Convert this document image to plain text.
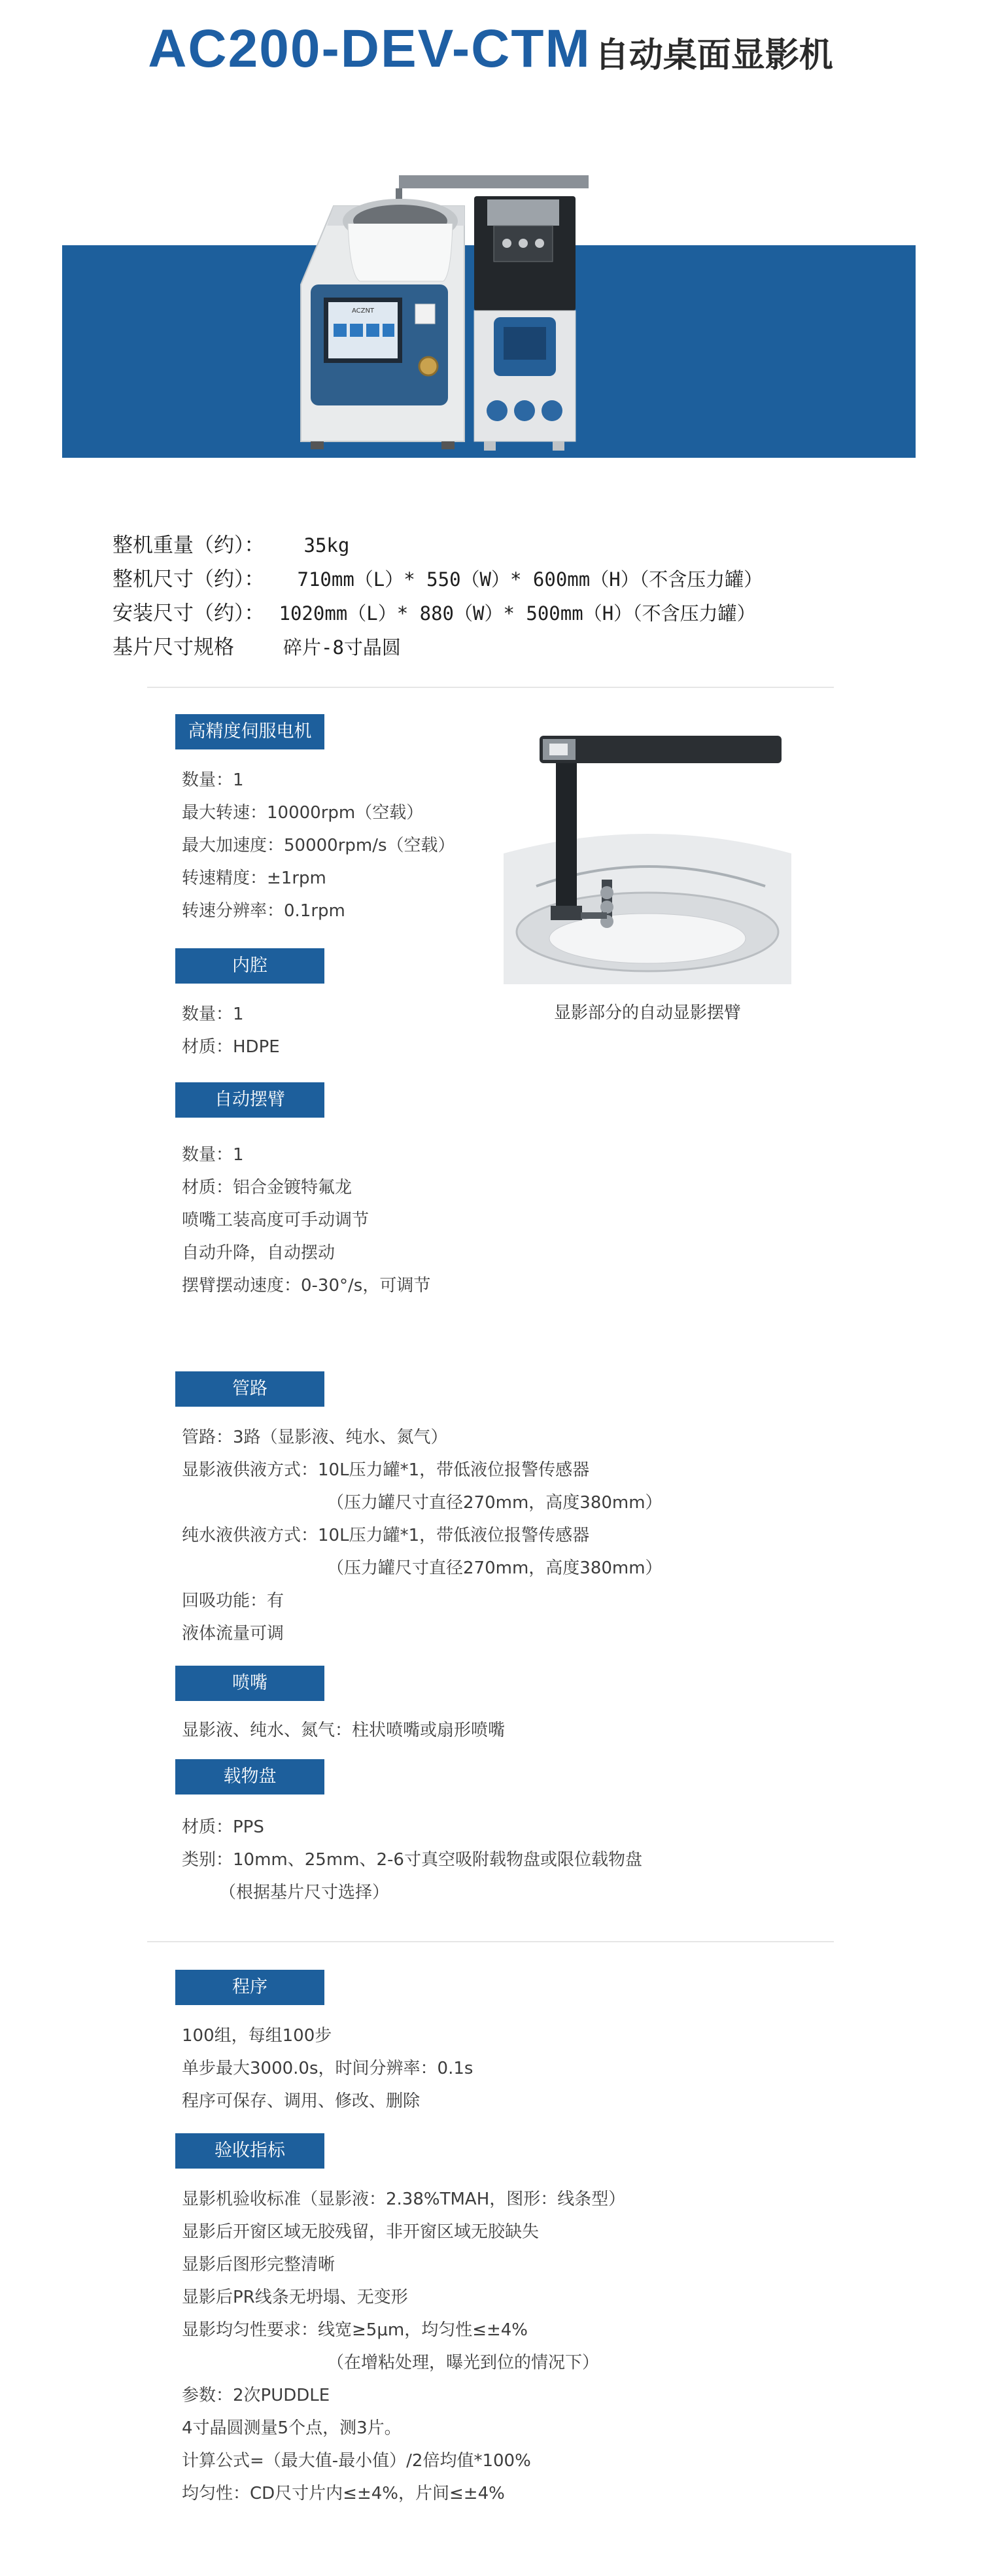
AC200-DEV-CTM 自动桌面显影机
ACZNT
整机重量（约）： 35kg
整机尺寸（约）： 710mm（L）* 550（W）* 600mm（H）（不含压力罐）
安装尺寸（约）： 1020mm（L）* 880（W）* 500mm（H）（不含压力罐）
基片尺寸规格	碎片-8寸晶圆
高精度伺服电机
数量：1
最大转速：10000rpm（空载）
最大加速度：50000rpm/s（空载）
转速精度：±1rpm
转速分辨率：0.1rpm
显影部分的自动显影摆臂
内腔
数量：1
材质：HDPE
自动摆臂
数量：1
材质：铝合金镀特氟龙
喷嘴工装高度可手动调节
自动升降，自动摆动
摆臂摆动速度：0-30°/s，可调节
管路
管路：3路（显影液、纯水、氮气）
显影液供液方式：10L压力罐*1，带低液位报警传感器
（压力罐尺寸直径270mm，高度380mm）
纯水液供液方式：10L压力罐*1，带低液位报警传感器
（压力罐尺寸直径270mm，高度380mm）
回吸功能：有
液体流量可调
喷嘴
显影液、纯水、氮气：柱状喷嘴或扇形喷嘴
载物盘
材质：PPS
类别：10mm、25mm、2-6寸真空吸附载物盘或限位载物盘
（根据基片尺寸选择）
程序
100组，每组100步
单步最大3000.0s，时间分辨率：0.1s
程序可保存、调用、修改、删除
验收指标
显影机验收标准（显影液：2.38%TMAH，图形：线条型）
显影后开窗区域无胶残留，非开窗区域无胶缺失
显影后图形完整清晰
显影后PR线条无坍塌、无变形
显影均匀性要求：线宽≥5μm，均匀性≤±4%
（在增粘处理，曝光到位的情况下）
参数：2次PUDDLE
4寸晶圆测量5个点，测3片。
计算公式=（最大值-最小值）/2倍均值*100%
均匀性：CD尺寸片内≤±4%，片间≤±4%
